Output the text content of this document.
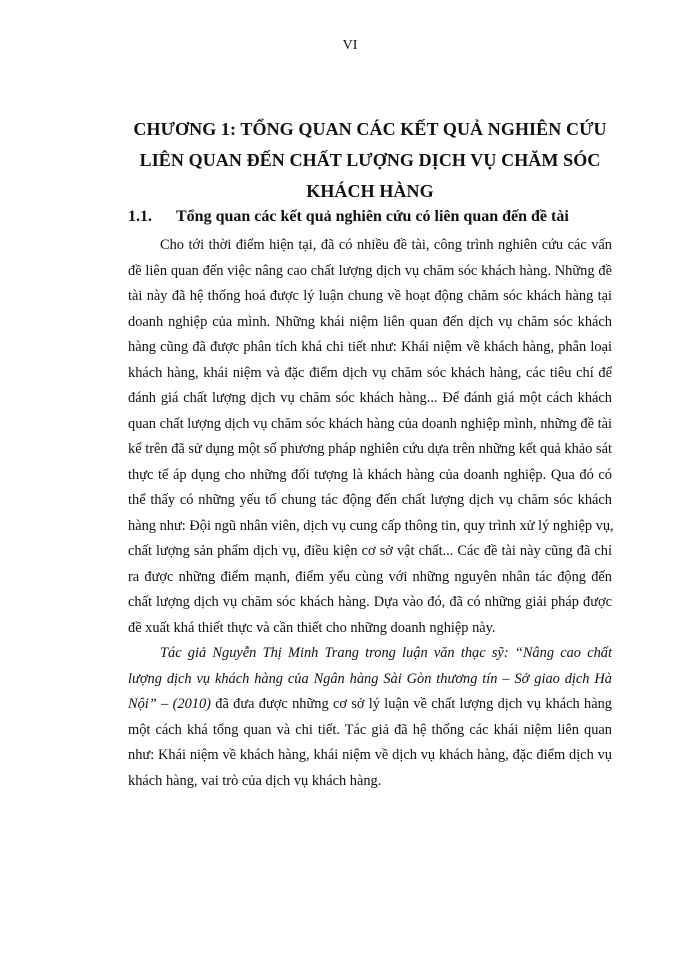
VI
CHƯƠNG 1: TỔNG QUAN CÁC KẾT QUẢ NGHIÊN CỨU
LIÊN QUAN ĐẾN CHẤT LƯỢNG DỊCH VỤ CHĂM SÓC
KHÁCH HÀNG
1.1. Tổng quan các kết quả nghiên cứu có liên quan đến đề tài

Cho tới thời điểm hiện tại, đã có nhiều đề tài, công trình nghiên cứu các vấn
đề liên quan đến việc nâng cao chất lượng dịch vụ chăm sóc khách hàng. Những đề
tài này đã hệ thống hoá được lý luận chung về hoạt động chăm sóc khách hàng tại
doanh nghiệp của mình. Những khái niệm liên quan đến dịch vụ chăm sóc khách
hàng cũng đã được phân tích khá chi tiết như: Khái niệm về khách hàng, phân loại
khách hàng, khái niệm và đặc điểm dịch vụ chăm sóc khách hàng, các tiêu chí để
đánh giá chất lượng dịch vụ chăm sóc khách hàng... Để đánh giá một cách khách
quan chất lượng dịch vụ chăm sóc khách hàng của doanh nghiệp mình, những đề tài
kể trên đã sử dụng một số phương pháp nghiên cứu dựa trên những kết quả khảo sát
thực tế áp dụng cho những đối tượng là khách hàng của doanh nghiệp. Qua đó có
thể thấy có những yếu tố chung tác động đến chất lượng dịch vụ chăm sóc khách
hàng như: Đội ngũ nhân viên, dịch vụ cung cấp thông tin, quy trình xử lý nghiệp vụ,
chất lượng sản phẩm dịch vụ, điều kiện cơ sở vật chất... Các đề tài này cũng đã chỉ
ra được những điểm mạnh, điểm yếu cùng với những nguyên nhân tác động đến
chất lượng dịch vụ chăm sóc khách hàng. Dựa vào đó, đã có những giải pháp được
đề xuất khá thiết thực và cần thiết cho những doanh nghiệp này.

Tác giả Nguyễn Thị Minh Trang trong luận văn thạc sỹ: “Nâng cao chất
lượng dịch vụ khách hàng của Ngân hàng Sài Gòn thương tín – Sở giao dịch Hà
Nội” – (2010) đã đưa được những cơ sở lý luận về chất lượng dịch vụ khách hàng
một cách khá tổng quan và chi tiết. Tác giả đã hệ thống các khái niệm liên quan
như: Khái niệm về khách hàng, khái niệm về dịch vụ khách hàng, đặc điểm dịch vụ
khách hàng, vai trò của dịch vụ khách hàng.
